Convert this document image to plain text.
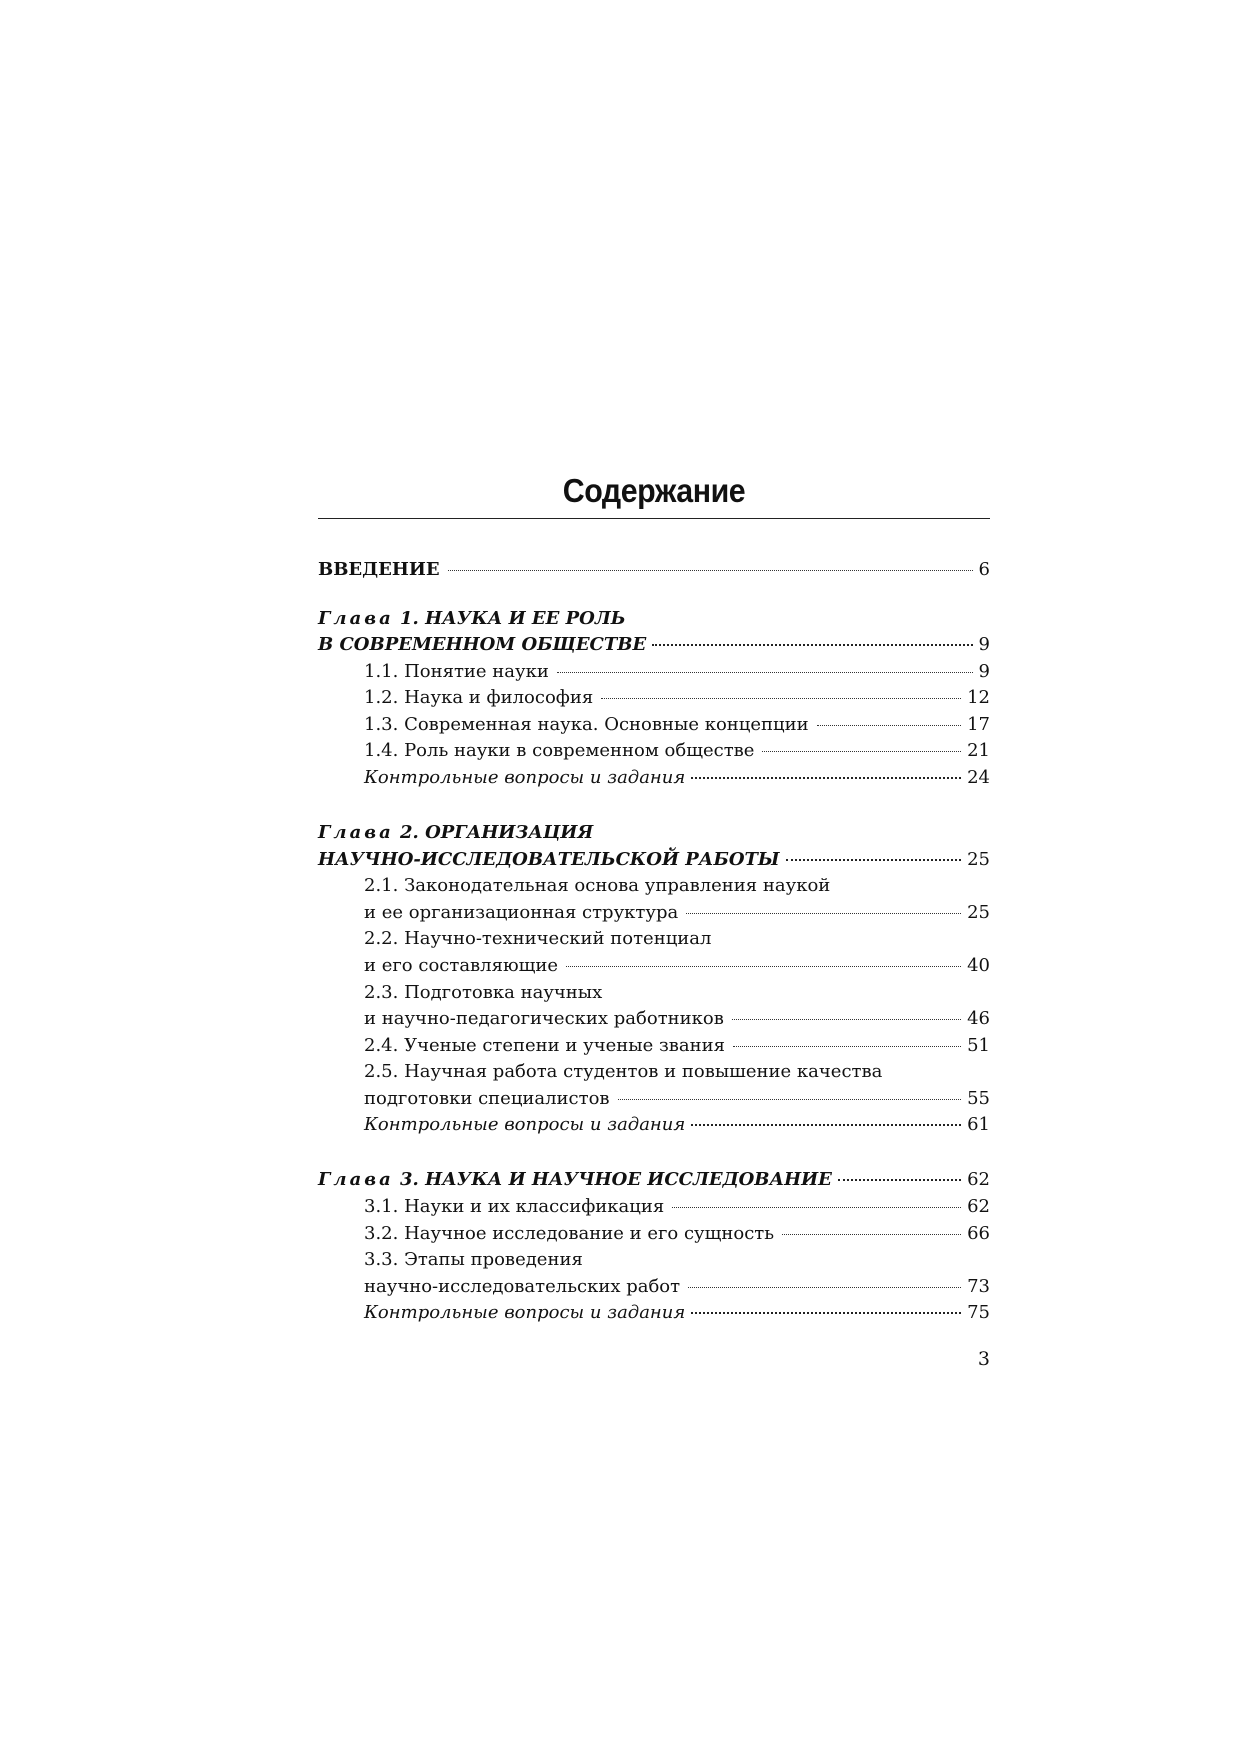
Содержание
ВВЕДЕНИЕ	6
Глава 1. НАУКА И ЕЕ РОЛЬ
В СОВРЕМЕННОМ ОБЩЕСТВЕ	9
1.1. Понятие науки	9
1.2. Наука и философия	12
1.3. Современная наука. Основные концепции	17
1.4. Роль науки в современном обществе	21
Контрольные вопросы и задания	24
Глава 2. ОРГАНИЗАЦИЯ
НАУЧНО-ИССЛЕДОВАТЕЛЬСКОЙ РАБОТЫ	25
2.1. Законодательная основа управления наукой
и ее организационная структура	25
2.2. Научно-технический потенциал
и его составляющие	40
2.3. Подготовка научных
и научно-педагогических работников	46
2.4. Ученые степени и ученые звания	51
2.5. Научная работа студентов и повышение качества
подготовки специалистов	55
Контрольные вопросы и задания	61
Глава 3. НАУКА И НАУЧНОЕ ИССЛЕДОВАНИЕ	62
3.1. Науки и их классификация	62
3.2. Научное исследование и его сущность	66
3.3. Этапы проведения
научно-исследовательских работ	73
Контрольные вопросы и задания	75
3
